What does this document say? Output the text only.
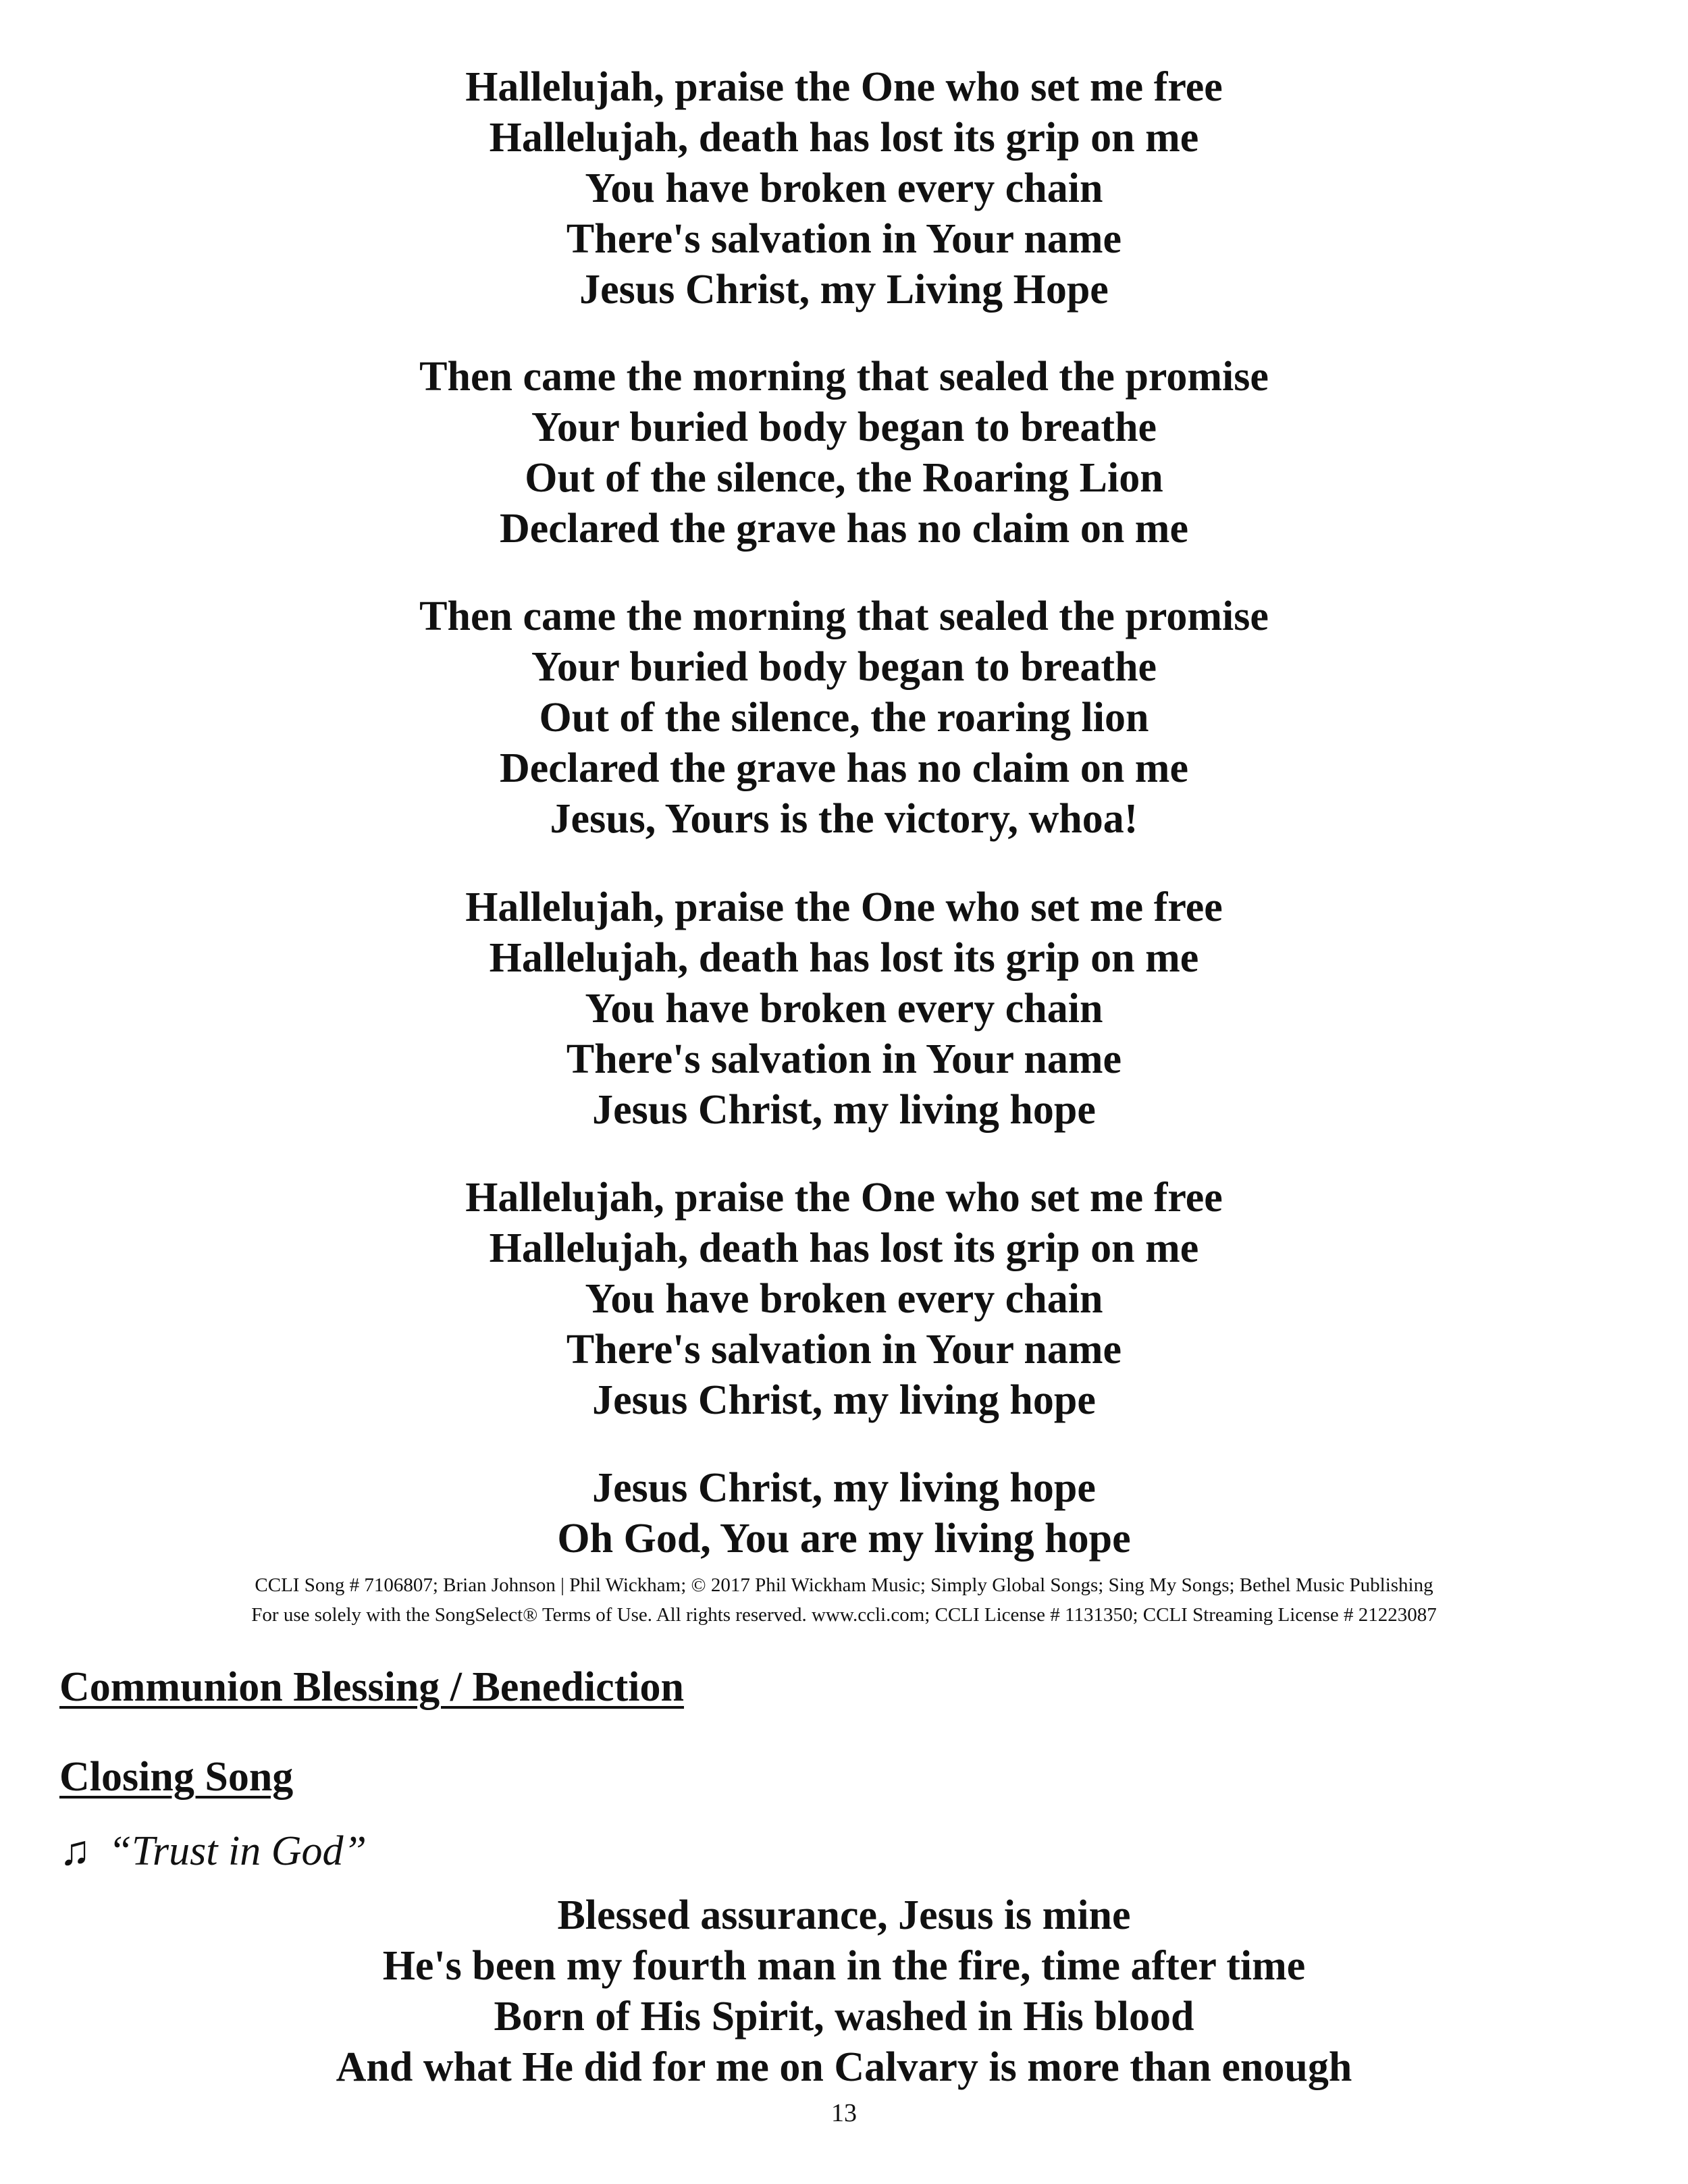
Hallelujah, praise the One who set me free
Hallelujah, death has lost its grip on me
You have broken every chain
There's salvation in Your name
Jesus Christ, my Living Hope
Then came the morning that sealed the promise
Your buried body began to breathe
Out of the silence, the Roaring Lion
Declared the grave has no claim on me
Then came the morning that sealed the promise
Your buried body began to breathe
Out of the silence, the roaring lion
Declared the grave has no claim on me
Jesus, Yours is the victory, whoa!
Hallelujah, praise the One who set me free
Hallelujah, death has lost its grip on me
You have broken every chain
There's salvation in Your name
Jesus Christ, my living hope
Hallelujah, praise the One who set me free
Hallelujah, death has lost its grip on me
You have broken every chain
There's salvation in Your name
Jesus Christ, my living hope
Jesus Christ, my living hope
Oh God, You are my living hope
CCLI Song # 7106807; Brian Johnson | Phil Wickham; © 2017 Phil Wickham Music; Simply Global Songs; Sing My Songs; Bethel Music Publishing
For use solely with the SongSelect® Terms of Use. All rights reserved. www.ccli.com; CCLI License # 1131350; CCLI Streaming License # 21223087
Communion Blessing / Benediction
Closing Song
♫ “Trust in God”
Blessed assurance, Jesus is mine
He's been my fourth man in the fire, time after time
Born of His Spirit, washed in His blood
And what He did for me on Calvary is more than enough
13
